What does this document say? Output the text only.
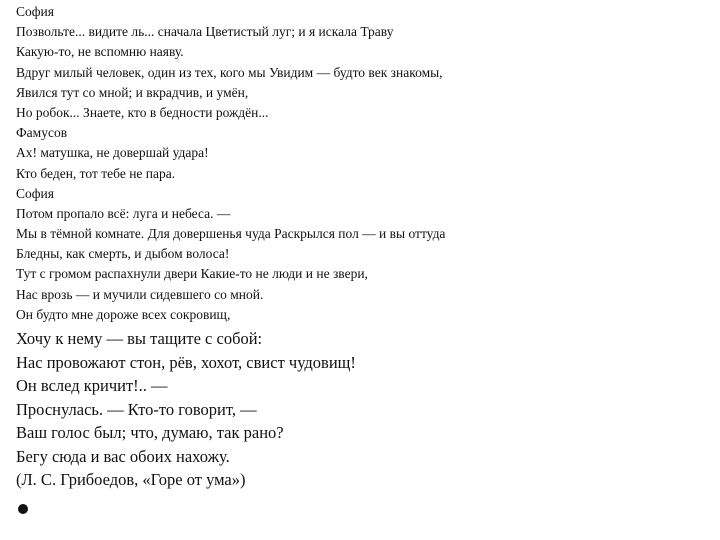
София
Позвольте... видите ль... сначала Цветистый луг; и я искала Траву
Какую-то, не вспомню наяву.
Вдруг милый человек, один из тех, кого мы Увидим — будто век знакомы,
Явился тут со мной; и вкрадчив, и умён,
Но робок... Знаете, кто в бедности рождён...
Фамусов
Ах! матушка, не довершай удара!
Кто беден, тот тебе не пара.
София
Потом пропало всё: луга и небеса. —
Мы в тёмной комнате. Для довершенья чуда Раскрылся пол — и вы оттуда
Бледны, как смерть, и дыбом волоса!
Тут с громом распахнули двери Какие-то не люди и не звери,
Нас врозь — и мучили сидевшего со мной.
Он будто мне дороже всех сокровищ,
Хочу к нему — вы тащите с собой:
Нас провожают стон, рёв, хохот, свист чудовищ!
Он вслед кричит!.. —
Проснулась. — Кто-то говорит, —
Ваш голос был; что, думаю, так рано?
Бегу сюда и вас обоих нахожу.
(Л. С. Грибоедов, «Горе от ума»)
